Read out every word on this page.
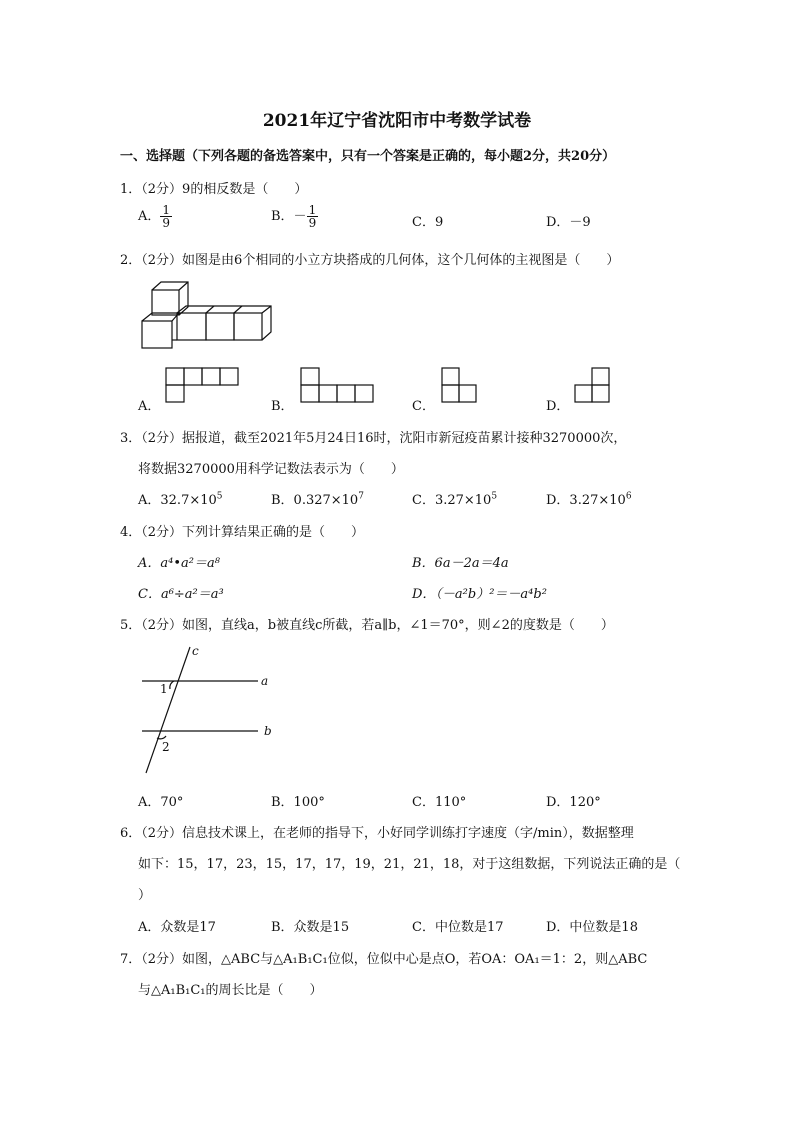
2021年辽宁省沈阳市中考数学试卷
一、选择题（下列各题的备选答案中，只有一个答案是正确的，每小题2分，共20分）
1．（2分）9的相反数是（　　）
A． $\frac{1}{9}$	B．－ $\frac{1}{9}$	C．9	D．－9
2．（2分）如图是由6个相同的小立方块搭成的几何体，这个几何体的主视图是（　　）
A．	B．	C．	D．
3．（2分）据报道，截至2021年5月24日16时，沈阳市新冠疫苗累计接种3270000次，
将数据3270000用科学记数法表示为（　　）
A．$32.7\times 10^5$	B．$0.327\times 10^7$	C．$3.27\times 10^5$	D．$3.27\times 10^6$
4．（2分）下列计算结果正确的是（　　）
A．a⁴•a²＝a⁸	B．6a－2a＝4a
C．a⁶÷a²＝a³	D．（－a²b）²＝－a⁴b²
5．（2分）如图，直线a，b被直线c所截，若a∥b，∠1＝70°，则∠2的度数是（　　）
c
a
b
1
2
A．70°	B．100°	C．110°	D．120°
6．（2分）信息技术课上，在老师的指导下，小好同学训练打字速度（字/min），数据整理
如下：15，17，23，15，17，17，19，21，21，18，对于这组数据，下列说法正确的是（
）
A．众数是17	B．众数是15	C．中位数是17	D．中位数是18
7．（2分）如图，△ABC与△A₁B₁C₁位似，位似中心是点O，若OA：OA₁＝1：2，则△ABC
与△A₁B₁C₁的周长比是（　　）
